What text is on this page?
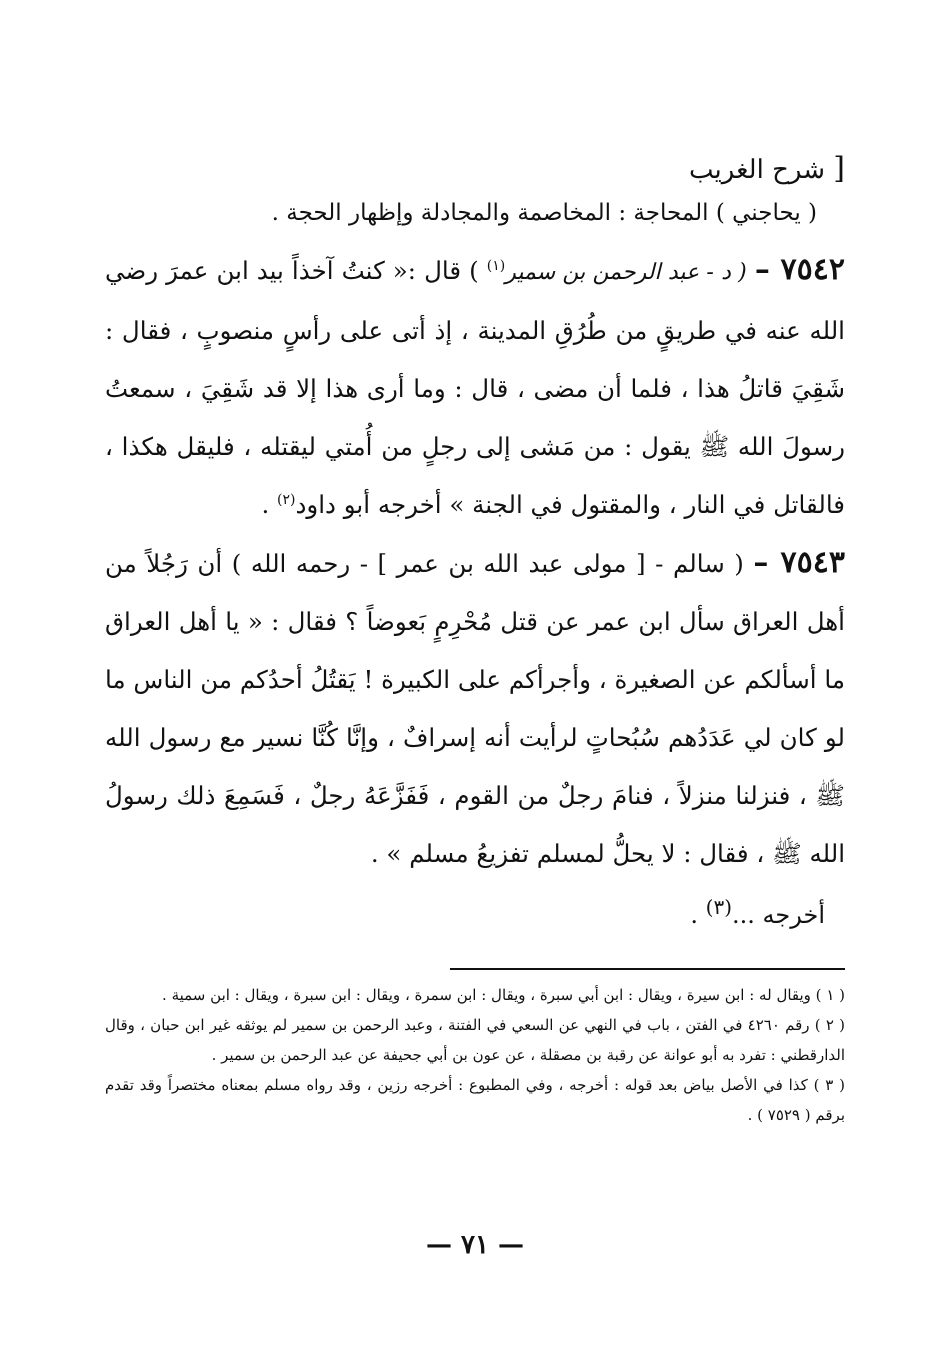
[ شرح الغريب

( يحاجني ) المحاجة : المخاصمة والمجادلة وإظهار الحجة .

٧٥٤٢ – ( د - عبد الرحمن بن سمير$^{(١)}$ ) قال :« كنتُ آخذاً بيد ابن عمرَ رضي الله عنه في طريقٍ من طُرُقِ المدينة ، إذ أتى على رأسٍ منصوبٍ ، فقال : شَقِيَ قاتلُ هذا ، فلما أن مضى ، قال : وما أرى هذا إلا قد شَقِيَ ، سمعتُ رسولَ الله ﷺ يقول : من مَشى إلى رجلٍ من أُمتي ليقتله ، فليقل هكذا ، فالقاتل في النار ، والمقتول في الجنة » أخرجه أبو داود$^{(٢)}$ .

٧٥٤٣ – ( سالم - [ مولى عبد الله بن عمر ] - رحمه الله ) أن رَجُلاً من أهل العراق سأل ابن عمر عن قتل مُحْرِمٍ بَعوضاً ؟ فقال : « يا أهل العراق ما أسألكم عن الصغيرة ، وأجرأكم على الكبيرة ! يَقتُلُ أحدُكم من الناس ما لو كان لي عَدَدُهم سُبُحاتٍ لرأيت أنه إسرافٌ ، وإنَّا كُنَّا نسير مع رسول الله ﷺ ، فنزلنا منزلاً ، فنامَ رجلٌ من القوم ، فَفَزَّعَهُ رجلٌ ، فَسَمِعَ ذلك رسولُ الله ﷺ ، فقال : لا يحلُّ لمسلم تفزيعُ مسلم » .

أخرجه ...$^{(٣)}$ .

( ١ ) ويقال له : ابن سيرة ، ويقال : ابن أبي سبرة ، ويقال : ابن سمرة ، ويقال : ابن سبرة ، ويقال : ابن سمية .

( ٢ ) رقم ٤٢٦٠ في الفتن ، باب في النهي عن السعي في الفتنة ، وعبد الرحمن بن سمير لم يوثقه غير ابن حبان ، وقال الدارقطني : تفرد به أبو عوانة عن رقبة بن مصقلة ، عن عون بن أبي جحيفة عن عبد الرحمن بن سمير .

( ٣ ) كذا في الأصل بياض بعد قوله : أخرجه ، وفي المطبوع : أخرجه رزين ، وقد رواه مسلم بمعناه مختصراً وقد تقدم برقم ( ٧٥٢٩ ) .

— ٧١ —
